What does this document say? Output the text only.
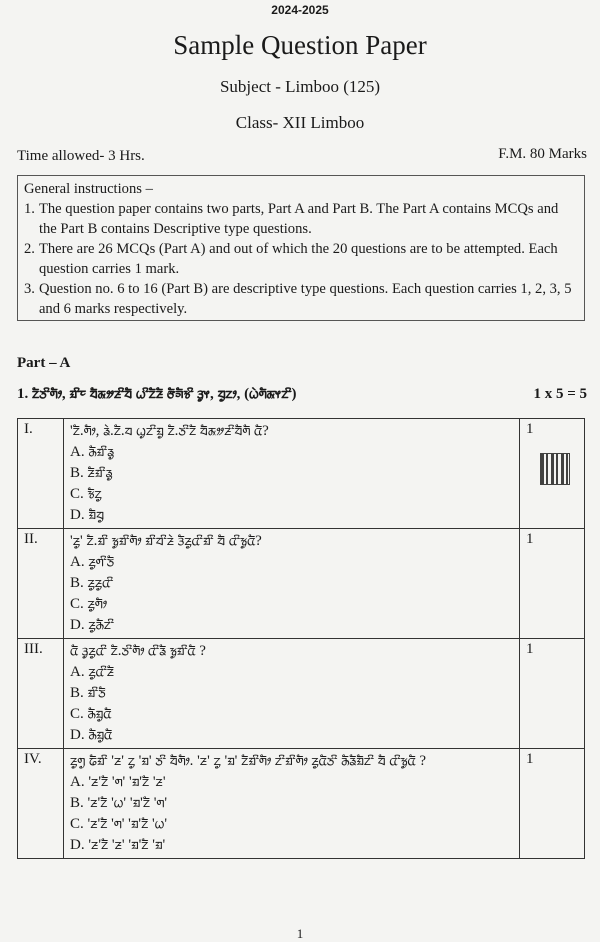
2024-2025
Sample Question Paper
Subject - Limboo (125)
Class- XII Limboo
Time allowed- 3 Hrs.	F.M. 80 Marks
General instructions –
1. The question paper contains two parts, Part A and Part B. The Part A contains MCQs and the Part B contains Descriptive type questions.
2. There are 26 MCQs (Part A) and out of which the 20 questions are to be attempted. Each question carries 1 mark.
3. Question no. 6 to 16 (Part B) are descriptive type questions. Each question carries 1, 2, 3, 5 and 6 marks respectively.
Part – A
1. ᤁᤠᤍᤡᤛᤥ, ᤀᤡᤰ ᤔᤠᤊᤤᤏᤡᤔᤠ ᤐᤡᤁᤠᤏᤠ ᤅᤠᤈᤠᤃᤡ ᤋᤢᤶ, ᤔᤢᤁᤣ, (ᤐᤧᤛᤠᤊᤶᤁᤡ)	1 x 5 = 5
I.	'ᤁᤠ.ᤛᤥ, ᤕᤧ.ᤁᤠ.ᤔ ᤐᤢᤁᤡᤀᤢ ᤁᤠ.ᤍᤡᤁᤠ ᤔᤠᤊᤤᤏᤡᤔᤠᤛᤠ ᤂᤠ?
A. ᤌᤠᤀᤡᤕᤢ
B. ᤏᤠᤀᤡᤕᤢ
C. ᤃᤠᤁᤢ
D. ᤀᤠᤔᤢ	1

II.	'ᤏᤢ' ᤁᤠ.ᤀᤡ ᤃᤢᤀᤡᤛᤥ ᤀᤡᤔᤡᤏᤧ ᤋᤠᤏᤢᤂᤡᤀᤡ ᤔᤠ ᤂᤡᤃᤢᤂᤠ?
A. ᤏᤢᤛᤡᤍᤠ
B. ᤏᤢᤏᤢᤂᤡ
C. ᤏᤢᤛᤥ
D. ᤏᤢᤌᤠᤁᤡ	1
III.	ᤂᤠ ᤋᤢᤏᤢᤂᤡ ᤁᤠ.ᤍᤡᤛᤥ ᤂᤡᤕᤠ ᤃᤢᤀᤡᤂᤠ ?
A. ᤏᤢᤂᤡᤏᤠ
B. ᤀᤡᤍᤠ
C. ᤌᤠᤀᤢᤂᤠ
D. ᤌᤠᤀᤢᤂᤠ	1
IV.	ᤏᤢᤛᤢ ᤒᤠᤀᤡ 'ᤏ' ᤁᤢ 'ᤀ' ᤍᤡ ᤔᤠᤛᤥ. 'ᤏ' ᤁᤢ 'ᤀ' ᤁᤠᤀᤡᤛᤥ ᤁᤡᤀᤡᤛᤥ ᤏᤢᤂᤠᤍᤡ ᤌᤠᤕᤠᤀᤠᤁᤡ ᤔᤠ ᤂᤡᤃᤢᤂᤠ ?
A. 'ᤏ'ᤁᤠ 'ᤛ' 'ᤀ'ᤁᤠ 'ᤏ'
B. 'ᤏ'ᤁᤠ 'ᤐ' 'ᤀ'ᤁᤠ 'ᤛ'
C. 'ᤏ'ᤁᤠ 'ᤛ' 'ᤀ'ᤁᤠ 'ᤐ'
D. 'ᤏ'ᤁᤠ 'ᤏ' 'ᤀ'ᤁᤠ 'ᤀ'	1
1
